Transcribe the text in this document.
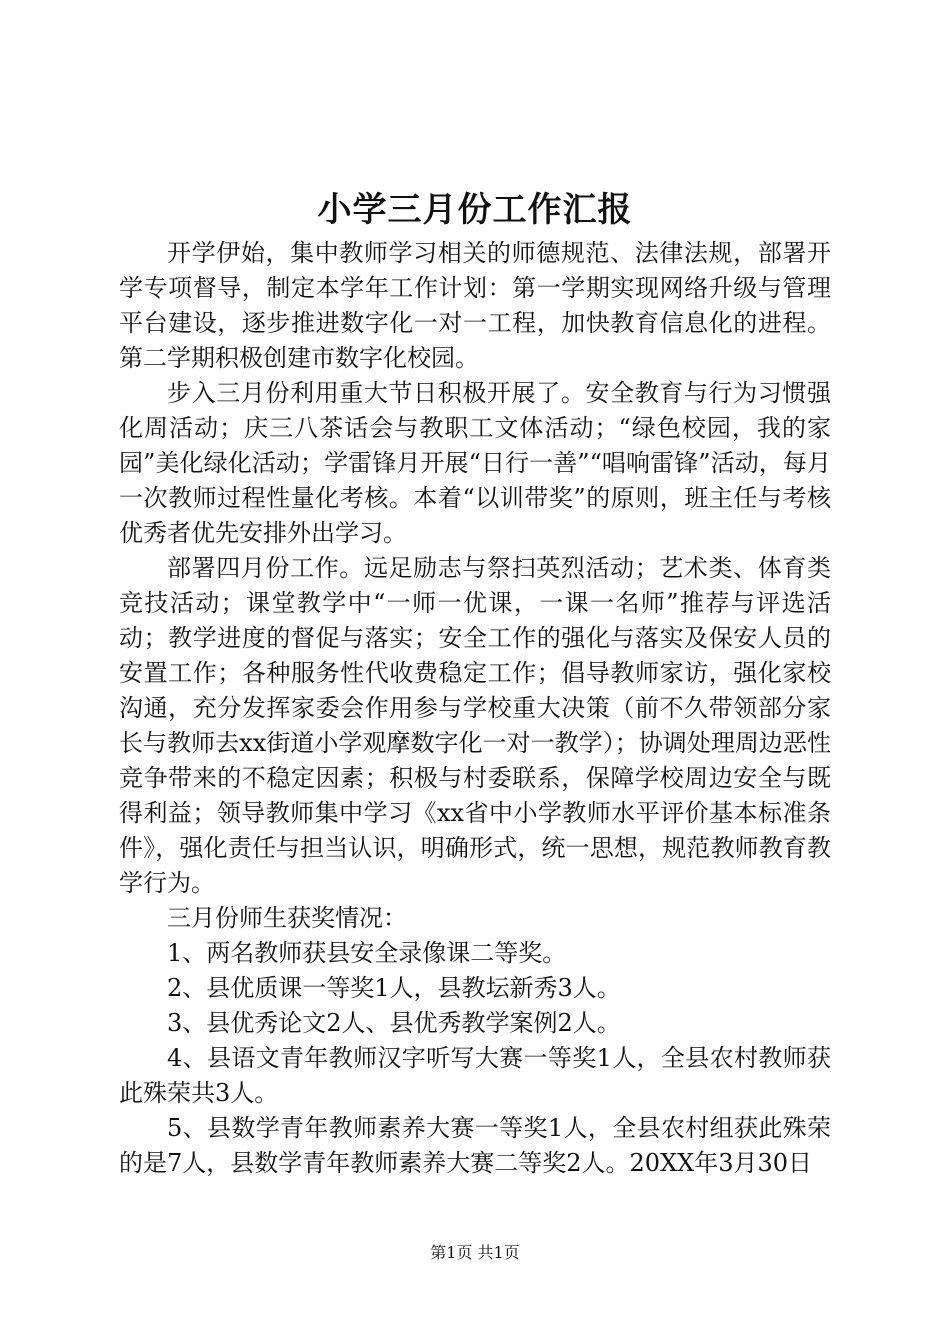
小学三月份工作汇报

开学伊始，集中教师学习相关的师德规范、法律法规，部署开学专项督导，制定本学年工作计划：第一学期实现网络升级与管理平台建设，逐步推进数字化一对一工程，加快教育信息化的进程。第二学期积极创建市数字化校园。

步入三月份利用重大节日积极开展了。安全教育与行为习惯强化周活动；庆三八茶话会与教职工文体活动；“绿色校园，我的家园”美化绿化活动；学雷锋月开展“日行一善”“唱响雷锋”活动，每月一次教师过程性量化考核。本着“以训带奖”的原则，班主任与考核优秀者优先安排外出学习。

部署四月份工作。远足励志与祭扫英烈活动；艺术类、体育类竞技活动；课堂教学中“一师一优课，一课一名师”推荐与评选活动；教学进度的督促与落实；安全工作的强化与落实及保安人员的安置工作；各种服务性代收费稳定工作；倡导教师家访，强化家校沟通，充分发挥家委会作用参与学校重大决策（前不久带领部分家长与教师去xx街道小学观摩数字化一对一教学）；协调处理周边恶性竞争带来的不稳定因素；积极与村委联系，保障学校周边安全与既得利益；领导教师集中学习《xx省中小学教师水平评价基本标准条件》，强化责任与担当认识，明确形式，统一思想，规范教师教育教学行为。

三月份师生获奖情况：

1、两名教师获县安全录像课二等奖。

2、县优质课一等奖1人，县教坛新秀3人。

3、县优秀论文2人、县优秀教学案例2人。

4、县语文青年教师汉字听写大赛一等奖1人，全县农村教师获此殊荣共3人。

5、县数学青年教师素养大赛一等奖1人，全县农村组获此殊荣的是7人，县数学青年教师素养大赛二等奖2人。20XX年3月30日

第1页 共1页
